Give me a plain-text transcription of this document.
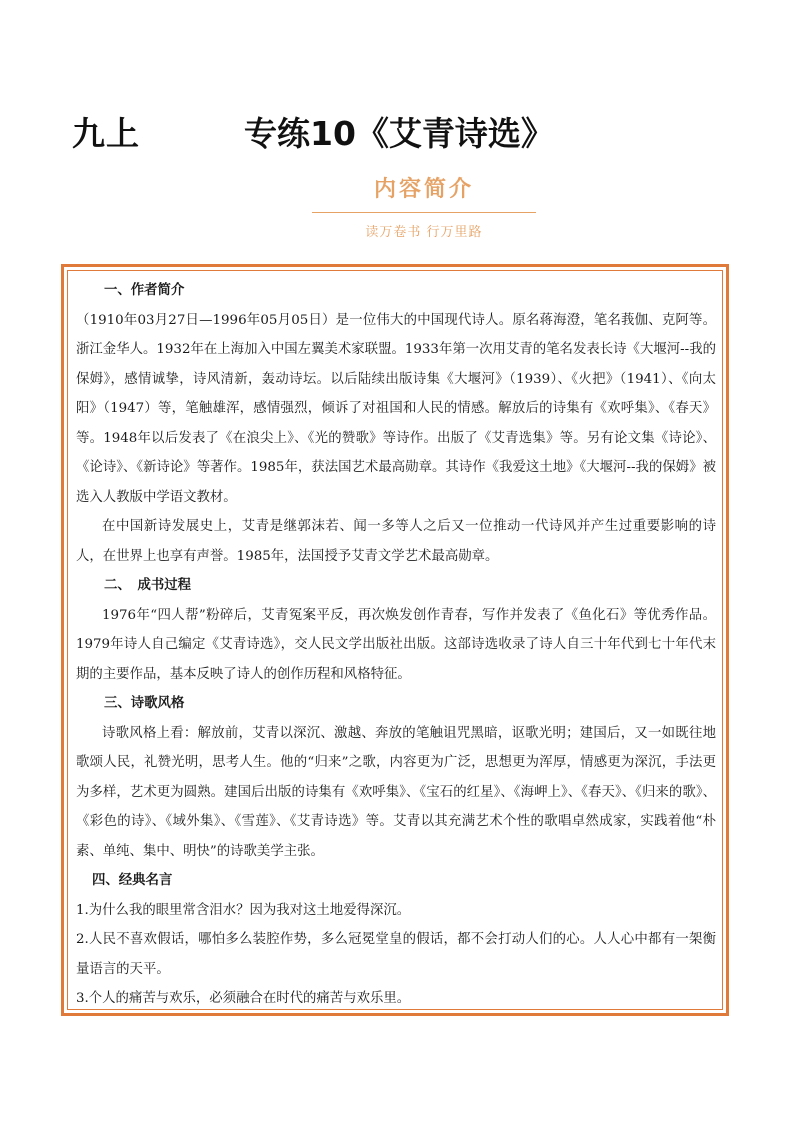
九上	专练10《艾青诗选》
内容简介
读万卷书 行万里路

一、作者简介

（1910年03月27日—1996年05月05日）是一位伟大的中国现代诗人。原名蒋海澄，笔名莪伽、克阿等。浙江金华人。1932年在上海加入中国左翼美术家联盟。1933年第一次用艾青的笔名发表长诗《大堰河--我的保姆》，感情诚挚，诗风清新，轰动诗坛。以后陆续出版诗集《大堰河》（1939）、《火把》（1941）、《向太阳》（1947）等，笔触雄浑，感情强烈，倾诉了对祖国和人民的情感。解放后的诗集有《欢呼集》、《春天》等。1948年以后发表了《在浪尖上》、《光的赞歌》等诗作。出版了《艾青选集》等。另有论文集《诗论》、《论诗》、《新诗论》等著作。1985年，获法国艺术最高勋章。其诗作《我爱这土地》《大堰河--我的保姆》被选入人教版中学语文教材。

在中国新诗发展史上，艾青是继郭沫若、闻一多等人之后又一位推动一代诗风并产生过重要影响的诗人，在世界上也享有声誉。1985年，法国授予艾青文学艺术最高勋章。

二、　成书过程

1976年“四人帮”粉碎后，艾青冤案平反，再次焕发创作青春，写作并发表了《鱼化石》等优秀作品。1979年诗人自己编定《艾青诗选》，交人民文学出版社出版。这部诗选收录了诗人自三十年代到七十年代末期的主要作品，基本反映了诗人的创作历程和风格特征。

三、诗歌风格

诗歌风格上看：解放前，艾青以深沉、激越、奔放的笔触诅咒黑暗，讴歌光明；建国后，又一如既往地歌颂人民，礼赞光明，思考人生。他的“归来”之歌，内容更为广泛，思想更为浑厚，情感更为深沉，手法更为多样，艺术更为圆熟。建国后出版的诗集有《欢呼集》、《宝石的红星》、《海岬上》、《春天》、《归来的歌》、《彩色的诗》、《域外集》、《雪莲》、《艾青诗选》等。艾青以其充满艺术个性的歌唱卓然成家，实践着他“朴素、单纯、集中、明快”的诗歌美学主张。

四、经典名言

1.为什么我的眼里常含泪水？因为我对这土地爱得深沉。

2.人民不喜欢假话，哪怕多么装腔作势，多么冠冕堂皇的假话，都不会打动人们的心。人人心中都有一架衡量语言的天平。

3.个人的痛苦与欢乐，必须融合在时代的痛苦与欢乐里。
